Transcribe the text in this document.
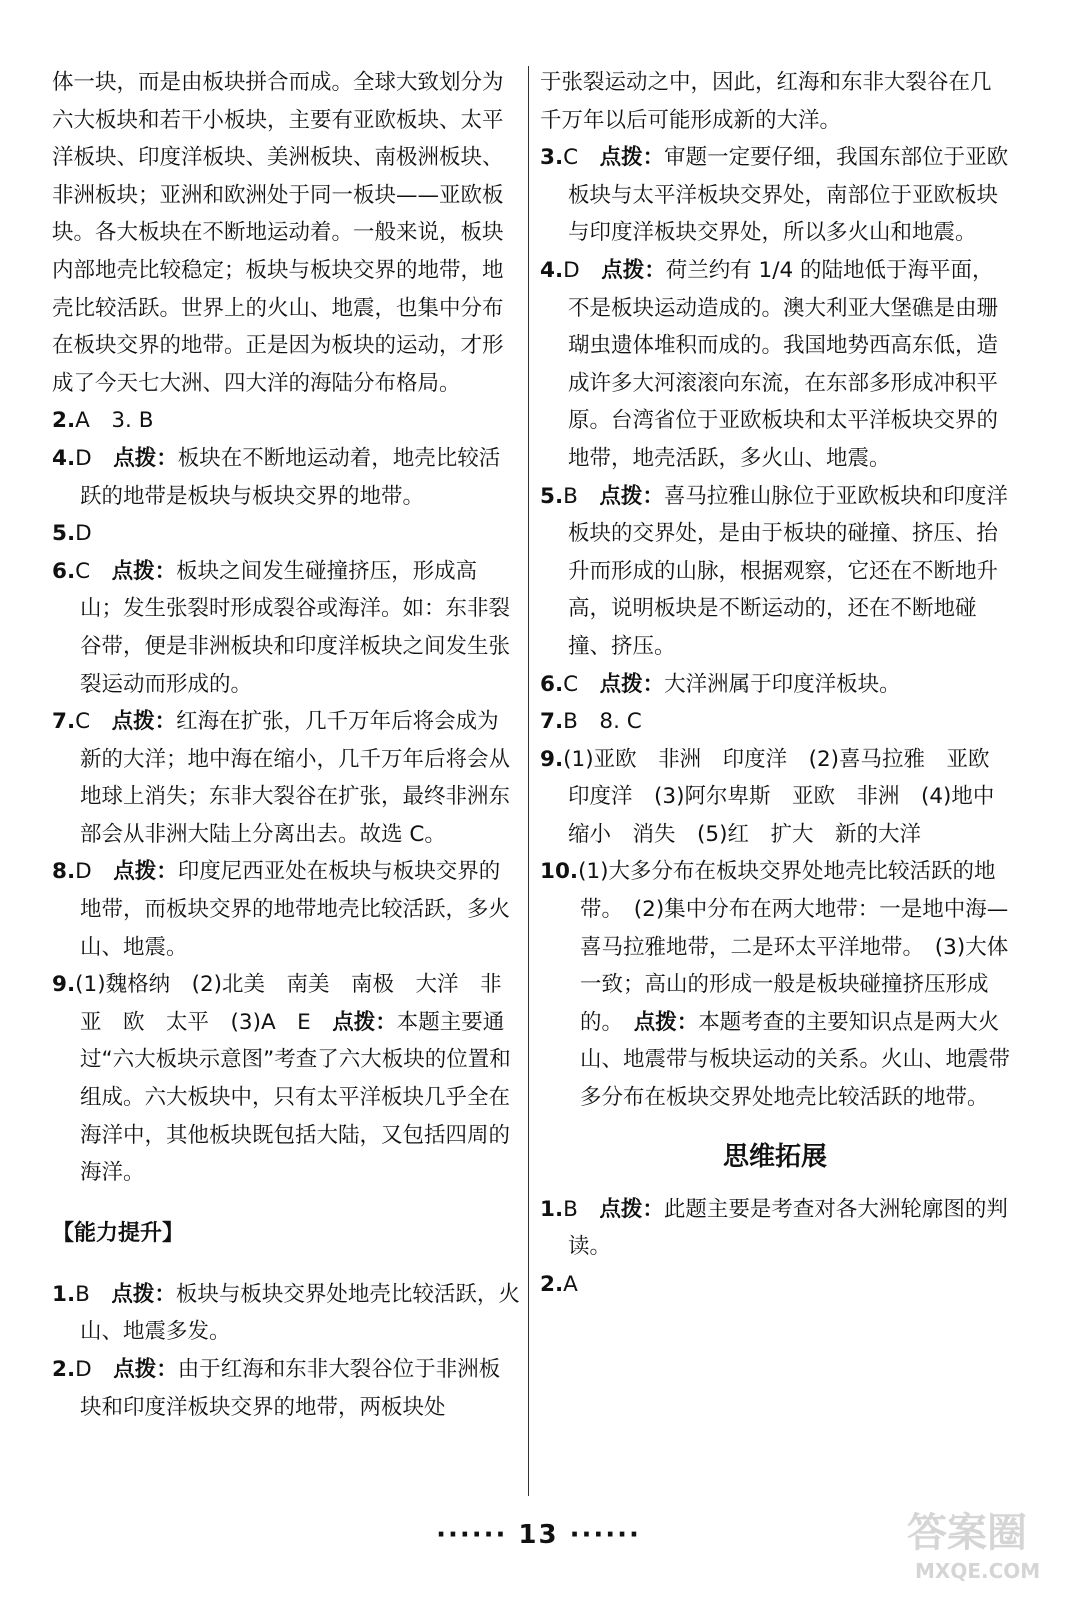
体一块，而是由板块拼合而成。全球大致划分为六大板块和若干小板块，主要有亚欧板块、太平洋板块、印度洋板块、美洲板块、南极洲板块、非洲板块；亚洲和欧洲处于同一板块——亚欧板块。各大板块在不断地运动着。一般来说，板块内部地壳比较稳定；板块与板块交界的地带，地壳比较活跃。世界上的火山、地震，也集中分布在板块交界的地带。正是因为板块的运动，才形成了今天七大洲、四大洋的海陆分布格局。

2.A　3. B

4.D　点拨：板块在不断地运动着，地壳比较活跃的地带是板块与板块交界的地带。

5.D

6.C　点拨：板块之间发生碰撞挤压，形成高山；发生张裂时形成裂谷或海洋。如：东非裂谷带，便是非洲板块和印度洋板块之间发生张裂运动而形成的。

7.C　点拨：红海在扩张，几千万年后将会成为新的大洋；地中海在缩小，几千万年后将会从地球上消失；东非大裂谷在扩张，最终非洲东部会从非洲大陆上分离出去。故选 C。

8.D　点拨：印度尼西亚处在板块与板块交界的地带，而板块交界的地带地壳比较活跃，多火山、地震。

9.(1)魏格纳　(2)北美　南美　南极　大洋　非　亚　欧　太平　(3)A　E　点拨：本题主要通过“六大板块示意图”考查了六大板块的位置和组成。六大板块中，只有太平洋板块几乎全在海洋中，其他板块既包括大陆，又包括四周的海洋。

【能力提升】

1.B　点拨：板块与板块交界处地壳比较活跃，火山、地震多发。

2.D　点拨：由于红海和东非大裂谷位于非洲板块和印度洋板块交界的地带，两板块处

于张裂运动之中，因此，红海和东非大裂谷在几千万年以后可能形成新的大洋。

3.C　点拨：审题一定要仔细，我国东部位于亚欧板块与太平洋板块交界处，南部位于亚欧板块与印度洋板块交界处，所以多火山和地震。

4.D　点拨：荷兰约有 1/4 的陆地低于海平面，不是板块运动造成的。澳大利亚大堡礁是由珊瑚虫遗体堆积而成的。我国地势西高东低，造成许多大河滚滚向东流，在东部多形成冲积平原。台湾省位于亚欧板块和太平洋板块交界的地带，地壳活跃，多火山、地震。

5.B　点拨：喜马拉雅山脉位于亚欧板块和印度洋板块的交界处，是由于板块的碰撞、挤压、抬升而形成的山脉，根据观察，它还在不断地升高，说明板块是不断运动的，还在不断地碰撞、挤压。

6.C　点拨：大洋洲属于印度洋板块。

7.B　8. C

9.(1)亚欧　非洲　印度洋　(2)喜马拉雅　亚欧　印度洋　(3)阿尔卑斯　亚欧　非洲　(4)地中　缩小　消失　(5)红　扩大　新的大洋

10.(1)大多分布在板块交界处地壳比较活跃的地带。　(2)集中分布在两大地带：一是地中海—喜马拉雅地带，二是环太平洋地带。　(3)大体一致；高山的形成一般是板块碰撞挤压形成的。　点拨：本题考查的主要知识点是两大火山、地震带与板块运动的关系。火山、地震带多分布在板块交界处地壳比较活跃的地带。

思维拓展

1.B　点拨：此题主要是考查对各大洲轮廓图的判读。

2.A

······ 13 ······	答案圈
MXQE.COM
